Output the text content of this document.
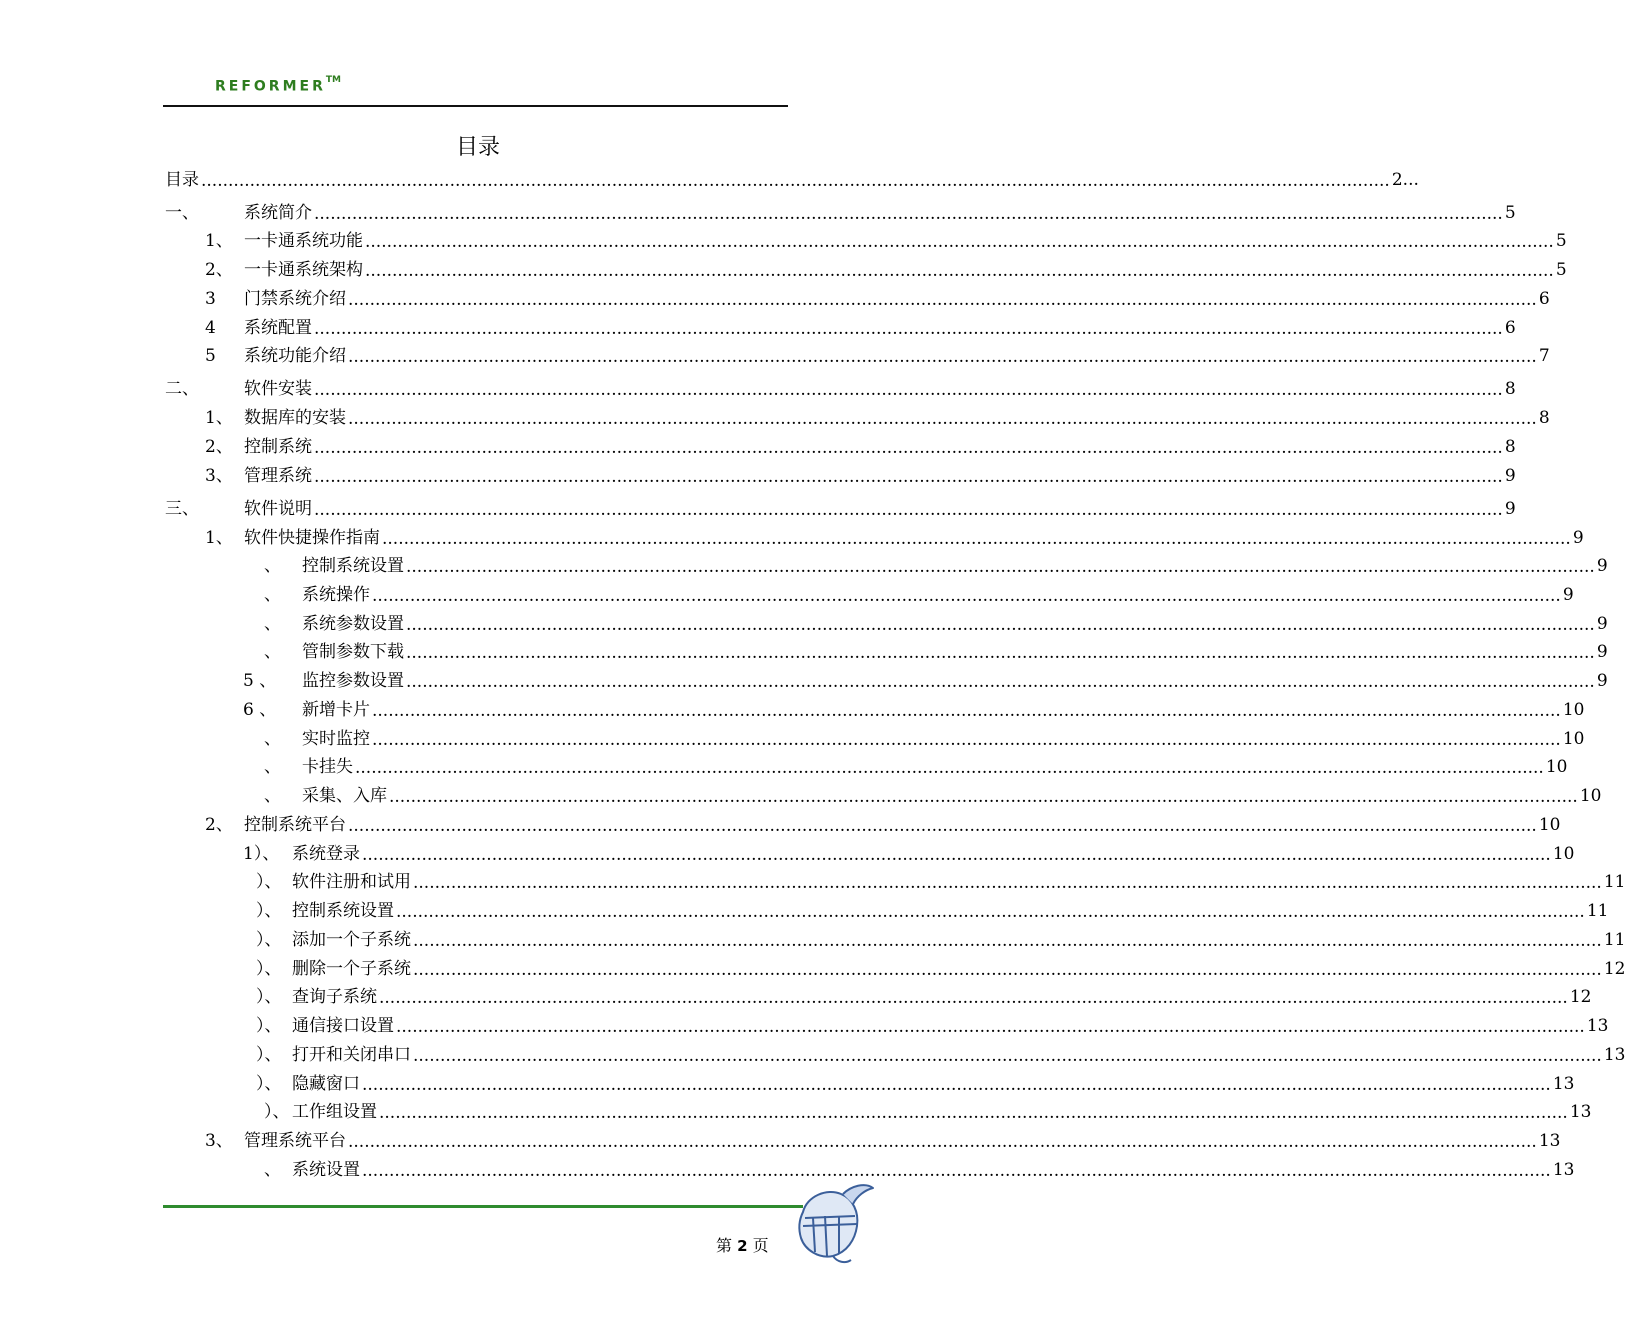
REFORMER™
目录
目录 ............................................................................................................................................................................................................................ 2...
一、	系统简介 ............................................................................................................................................................................................................................ 5
1、 一卡通系统功能 ............................................................................................................................................................................................................................ 5
2、 一卡通系统架构 ............................................................................................................................................................................................................................ 5
3 门禁系统介绍 ............................................................................................................................................................................................................................ 6
4 系统配置 ............................................................................................................................................................................................................................ 6
5 系统功能介绍 ............................................................................................................................................................................................................................ 7
二、	软件安装 ............................................................................................................................................................................................................................ 8
1、 数据库的安装 ............................................................................................................................................................................................................................ 8
2、 控制系统 ............................................................................................................................................................................................................................ 8
3、 管理系统 ............................................................................................................................................................................................................................ 9
三、	软件说明 ............................................................................................................................................................................................................................ 9
1、 软件快捷操作指南 ............................................................................................................................................................................................................................ 9
、 控制系统设置 ............................................................................................................................................................................................................................ 9
、 系统操作 ............................................................................................................................................................................................................................ 9
、 系统参数设置 ............................................................................................................................................................................................................................ 9
、 管制参数下载 ............................................................................................................................................................................................................................ 9
5 、 监控参数设置 ............................................................................................................................................................................................................................ 9
6 、 新增卡片 ............................................................................................................................................................................................................................ 10
、 实时监控 ............................................................................................................................................................................................................................ 10
、 卡挂失 ............................................................................................................................................................................................................................ 10
、 采集、入库 ............................................................................................................................................................................................................................ 10
2、 控制系统平台 ............................................................................................................................................................................................................................ 10
1）、 系统登录 ............................................................................................................................................................................................................................ 10
）、 软件注册和试用 ............................................................................................................................................................................................................................ 11
）、 控制系统设置 ............................................................................................................................................................................................................................ 11
）、 添加一个子系统 ............................................................................................................................................................................................................................ 11
）、 删除一个子系统 ............................................................................................................................................................................................................................ 12
）、 查询子系统 ............................................................................................................................................................................................................................ 12
）、 通信接口设置 ............................................................................................................................................................................................................................ 13
）、 打开和关闭串口 ............................................................................................................................................................................................................................ 13
）、 隐藏窗口 ............................................................................................................................................................................................................................ 13
）、 工作组设置 ............................................................................................................................................................................................................................ 13
3、 管理系统平台 ............................................................................................................................................................................................................................ 13
、 系统设置 ............................................................................................................................................................................................................................ 13
第 2 页
